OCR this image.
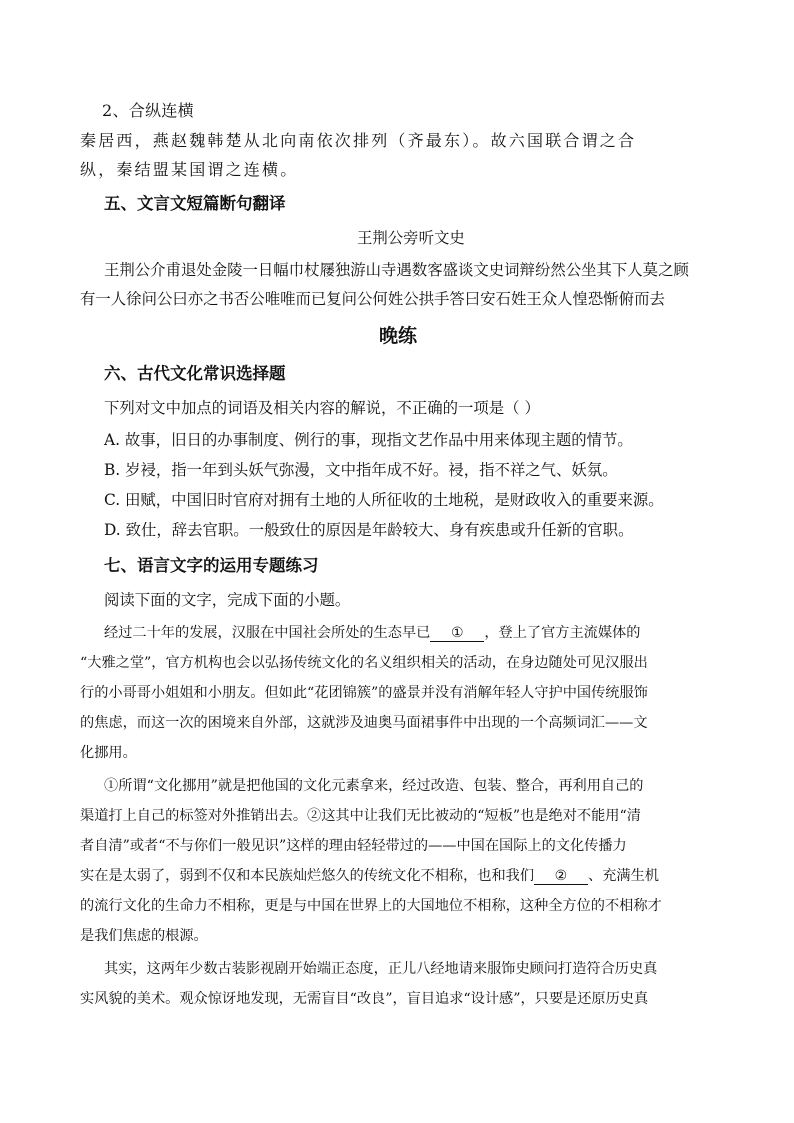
2、合纵连横
秦居西，燕赵魏韩楚从北向南依次排列（齐最东）。故六国联合谓之合
纵，秦结盟某国谓之连横。
五、文言文短篇断句翻译
王荆公旁听文史
王荆公介甫退处金陵一日幅巾杖屦独游山寺遇数客盛谈文史词辩纷然公坐其下人莫之顾
有一人徐问公曰亦之书否公唯唯而已复问公何姓公拱手答曰安石姓王众人惶恐惭俯而去
晚练
六、古代文化常识选择题
下列对文中加点的词语及相关内容的解说，不正确的一项是（ ）
A. 故事，旧日的办事制度、例行的事，现指文艺作品中用来体现主题的情节。
B. 岁祲，指一年到头妖气弥漫，文中指年成不好。祲，指不祥之气、妖氛。
C. 田赋，中国旧时官府对拥有土地的人所征收的土地税，是财政收入的重要来源。
D. 致仕，辞去官职。一般致仕的原因是年龄较大、身有疾患或升任新的官职。
七、语言文字的运用专题练习
阅读下面的文字，完成下面的小题。
经过二十年的发展，汉服在中国社会所处的生态早已 ① ，登上了官方主流媒体的
“大雅之堂”，官方机构也会以弘扬传统文化的名义组织相关的活动，在身边随处可见汉服出
行的小哥哥小姐姐和小朋友。但如此“花团锦簇”的盛景并没有消解年轻人守护中国传统服饰
的焦虑，而这一次的困境来自外部，这就涉及迪奥马面裙事件中出现的一个高频词汇——文
化挪用。
①所谓“文化挪用”就是把他国的文化元素拿来，经过改造、包装、整合，再利用自己的
渠道打上自己的标签对外推销出去。②这其中让我们无比被动的“短板”也是绝对不能用“清
者自清”或者“不与你们一般见识”这样的理由轻轻带过的——中国在国际上的文化传播力
实在是太弱了，弱到不仅和本民族灿烂悠久的传统文化不相称，也和我们 ② 、充满生机
的流行文化的生命力不相称，更是与中国在世界上的大国地位不相称，这种全方位的不相称才
是我们焦虑的根源。
其实，这两年少数古装影视剧开始端正态度，正儿八经地请来服饰史顾问打造符合历史真
实风貌的美术。观众惊讶地发现，无需盲目“改良”，盲目追求“设计感”，只要是还原历史真
